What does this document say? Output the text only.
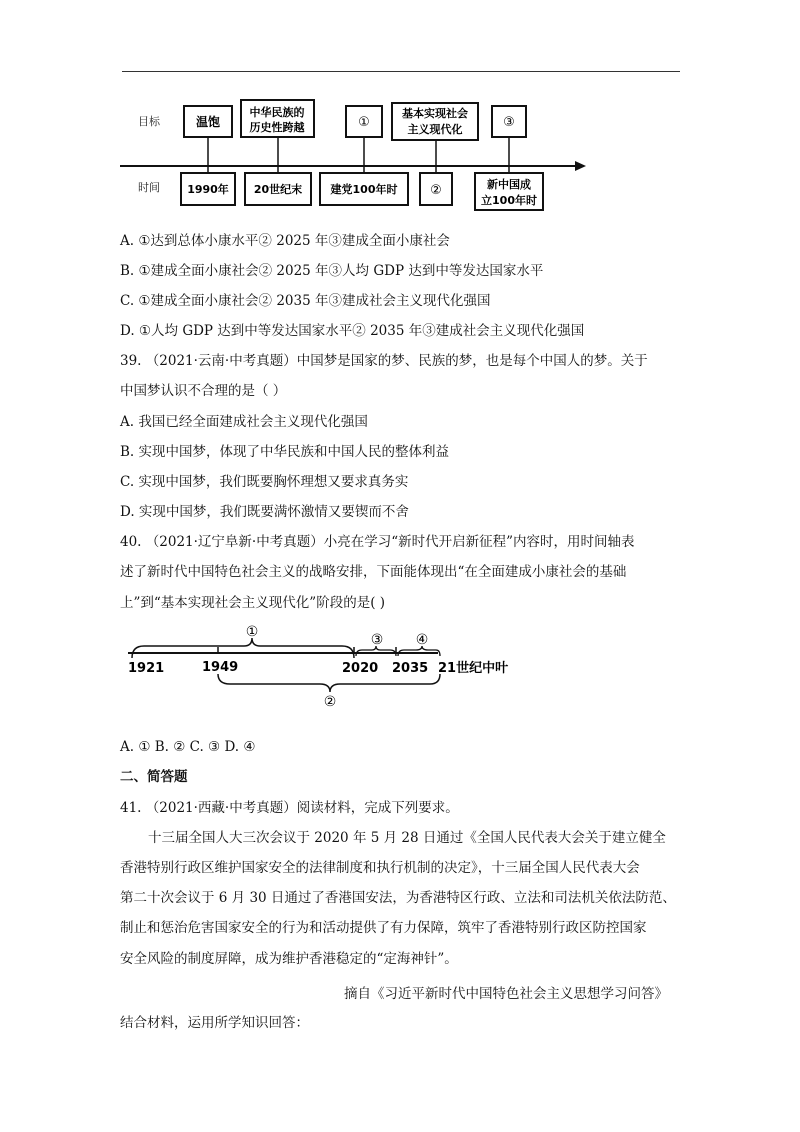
目标
时间
温饱
中华民族的
历史性跨越	①
基本实现社会
主义现代化	③
1990年 20世纪末	建党100年时	②	新中国成
立100年时
A. ①达到总体小康水平② 2025 年③建成全面小康社会
B. ①建成全面小康社会② 2025 年③人均 GDP 达到中等发达国家水平
C. ①建成全面小康社会② 2035 年③建成社会主义现代化强国
D. ①人均 GDP 达到中等发达国家水平② 2035 年③建成社会主义现代化强国
39. （2021·云南·中考真题）中国梦是国家的梦、民族的梦，也是每个中国人的梦。关于
中国梦认识不合理的是（ ）
A. 我国已经全面建成社会主义现代化强国
B. 实现中国梦，体现了中华民族和中国人民的整体利益
C. 实现中国梦，我们既要胸怀理想又要求真务实
D. 实现中国梦，我们既要满怀激情又要锲而不舍
40. （2021·辽宁阜新·中考真题）小亮在学习“新时代开启新征程”内容时，用时间轴表
述了新时代中国特色社会主义的战略安排，下面能体现出“在全面建成小康社会的基础
上”到“基本实现社会主义现代化”阶段的是( )
1921	1949	2020 2035 21世纪中叶
①	③ ④
②
A. ① B. ② C. ③ D. ④
二、简答题
41. （2021·西藏·中考真题）阅读材料，完成下列要求。
十三届全国人大三次会议于 2020 年 5 月 28 日通过《全国人民代表大会关于建立健全
香港特别行政区维护国家安全的法律制度和执行机制的决定》，十三届全国人民代表大会
第二十次会议于 6 月 30 日通过了香港国安法，为香港特区行政、立法和司法机关依法防范、
制止和惩治危害国家安全的行为和活动提供了有力保障，筑牢了香港特别行政区防控国家
安全风险的制度屏障，成为维护香港稳定的“定海神针”。
摘自《习近平新时代中国特色社会主义思想学习问答》
结合材料，运用所学知识回答：
